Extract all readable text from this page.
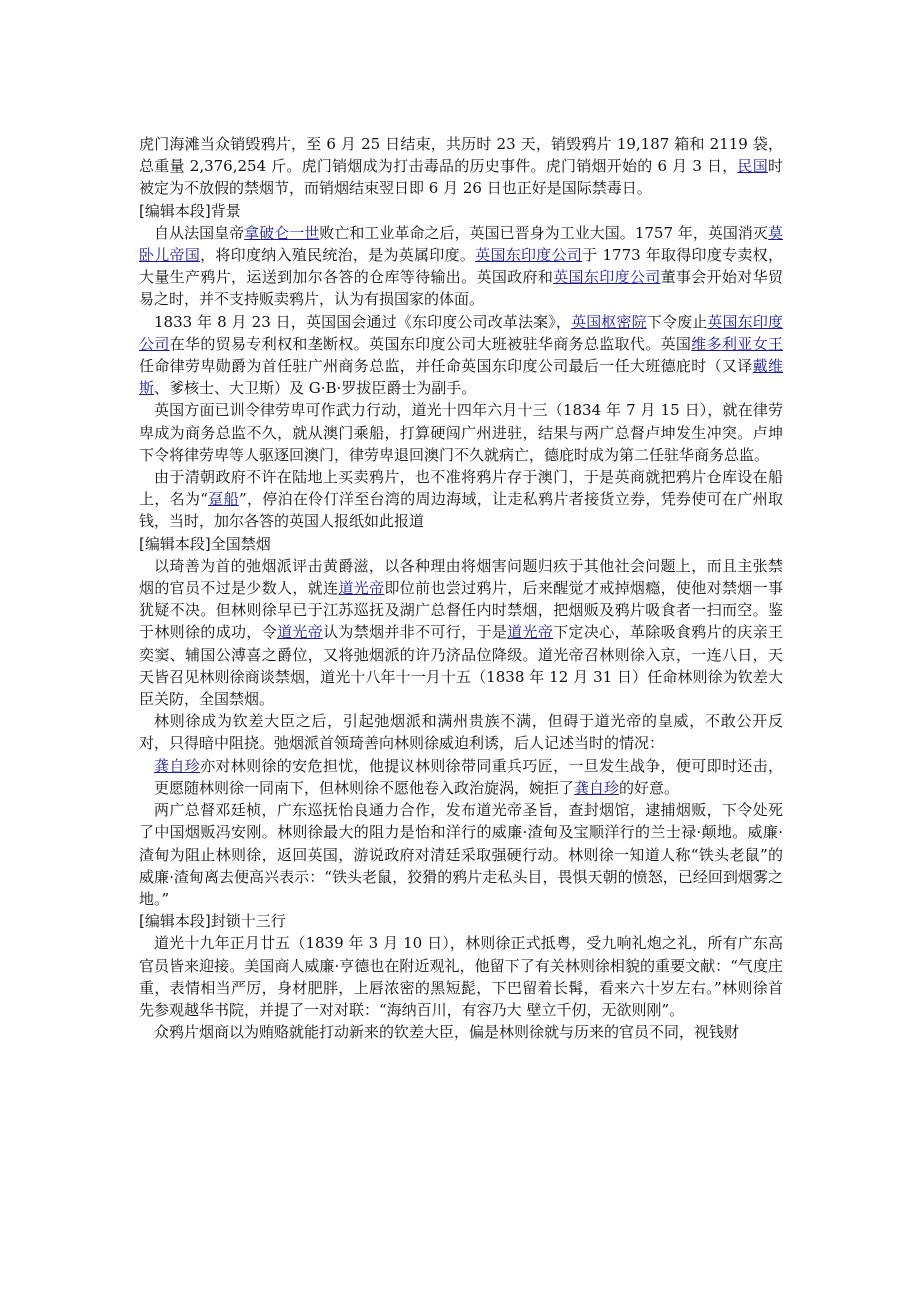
虎门海滩当众销毁鸦片，至 6 月 25 日结束，共历时 23 天，销毁鸦片 19,187 箱和 2119 袋，总重量 2,376,254 斤。虎门销烟成为打击毒品的历史事件。虎门销烟开始的 6 月 3 日，民国时被定为不放假的禁烟节，而销烟结束翌日即 6 月 26 日也正好是国际禁毒日。

[编辑本段]背景

自从法国皇帝拿破仑一世败亡和工业革命之后，英国已晋身为工业大国。1757 年，英国消灭莫卧儿帝国，将印度纳入殖民统治，是为英属印度。英国东印度公司于 1773 年取得印度专卖权，大量生产鸦片，运送到加尔各答的仓库等待输出。英国政府和英国东印度公司董事会开始对华贸易之时，并不支持贩卖鸦片，认为有损国家的体面。

1833 年 8 月 23 日，英国国会通过《东印度公司改革法案》，英国枢密院下令废止英国东印度公司在华的贸易专利权和垄断权。英国东印度公司大班被驻华商务总监取代。英国维多利亚女王任命律劳卑勋爵为首任驻广州商务总监，并任命英国东印度公司最后一任大班德庇时（又译戴维斯、爹核士、大卫斯）及 G·B·罗拔臣爵士为副手。

英国方面已训令律劳卑可作武力行动，道光十四年六月十三（1834 年 7 月 15 日），就在律劳卑成为商务总监不久，就从澳门乘船，打算硬闯广州进驻，结果与两广总督卢坤发生冲突。卢坤下令将律劳卑等人驱逐回澳门，律劳卑退回澳门不久就病亡，德庇时成为第二任驻华商务总监。

由于清朝政府不许在陆地上买卖鸦片，也不准将鸦片存于澳门，于是英商就把鸦片仓库设在船上，名为“趸船”，停泊在伶仃洋至台湾的周边海域，让走私鸦片者接货立券，凭券使可在广州取钱，当时，加尔各答的英国人报纸如此报道

[编辑本段]全国禁烟

以琦善为首的弛烟派评击黄爵滋，以各种理由将烟害问题归疚于其他社会问题上，而且主张禁烟的官员不过是少数人，就连道光帝即位前也尝过鸦片，后来醒觉才戒掉烟瘾，使他对禁烟一事犹疑不决。但林则徐早已于江苏巡抚及湖广总督任内时禁烟，把烟贩及鸦片吸食者一扫而空。鉴于林则徐的成功，令道光帝认为禁烟并非不可行，于是道光帝下定决心，革除吸食鸦片的庆亲王奕窦、辅国公溥喜之爵位，又将弛烟派的许乃济品位降级。道光帝召林则徐入京，一连八日，天天皆召见林则徐商谈禁烟，道光十八年十一月十五（1838 年 12 月 31 日）任命林则徐为钦差大臣关防，全国禁烟。

林则徐成为钦差大臣之后，引起弛烟派和满州贵族不满，但碍于道光帝的皇威，不敢公开反对，只得暗中阻挠。弛烟派首领琦善向林则徐威迫利诱，后人记述当时的情况：

龚自珍亦对林则徐的安危担忧，他提议林则徐带同重兵巧匠，一旦发生战争，便可即时还击，更愿随林则徐一同南下，但林则徐不愿他卷入政治旋涡，婉拒了龚自珍的好意。

两广总督邓廷桢，广东巡抚怡良通力合作，发布道光帝圣旨，查封烟馆，逮捕烟贩，下令处死了中国烟贩冯安刚。林则徐最大的阻力是怡和洋行的威廉·渣甸及宝顺洋行的兰士禄·颠地。威廉·渣甸为阻止林则徐，返回英国，游说政府对清廷采取强硬行动。林则徐一知道人称“铁头老鼠”的威廉·渣甸离去便高兴表示：“铁头老鼠，狡猾的鸦片走私头目，畏惧天朝的愤怒，已经回到烟雾之地。”

[编辑本段]封锁十三行

道光十九年正月廿五（1839 年 3 月 10 日），林则徐正式抵粤，受九响礼炮之礼，所有广东高官员皆来迎接。美国商人威廉·亨德也在附近观礼，他留下了有关林则徐相貌的重要文献：“气度庄重，表情相当严厉，身材肥胖，上唇浓密的黑短髭，下巴留着长髯，看来六十岁左右。”林则徐首先参观越华书院，并提了一对对联：“海纳百川，有容乃大 壁立千仞，无欲则刚”。

众鸦片烟商以为贿赂就能打动新来的钦差大臣，偏是林则徐就与历来的官员不同，视钱财
